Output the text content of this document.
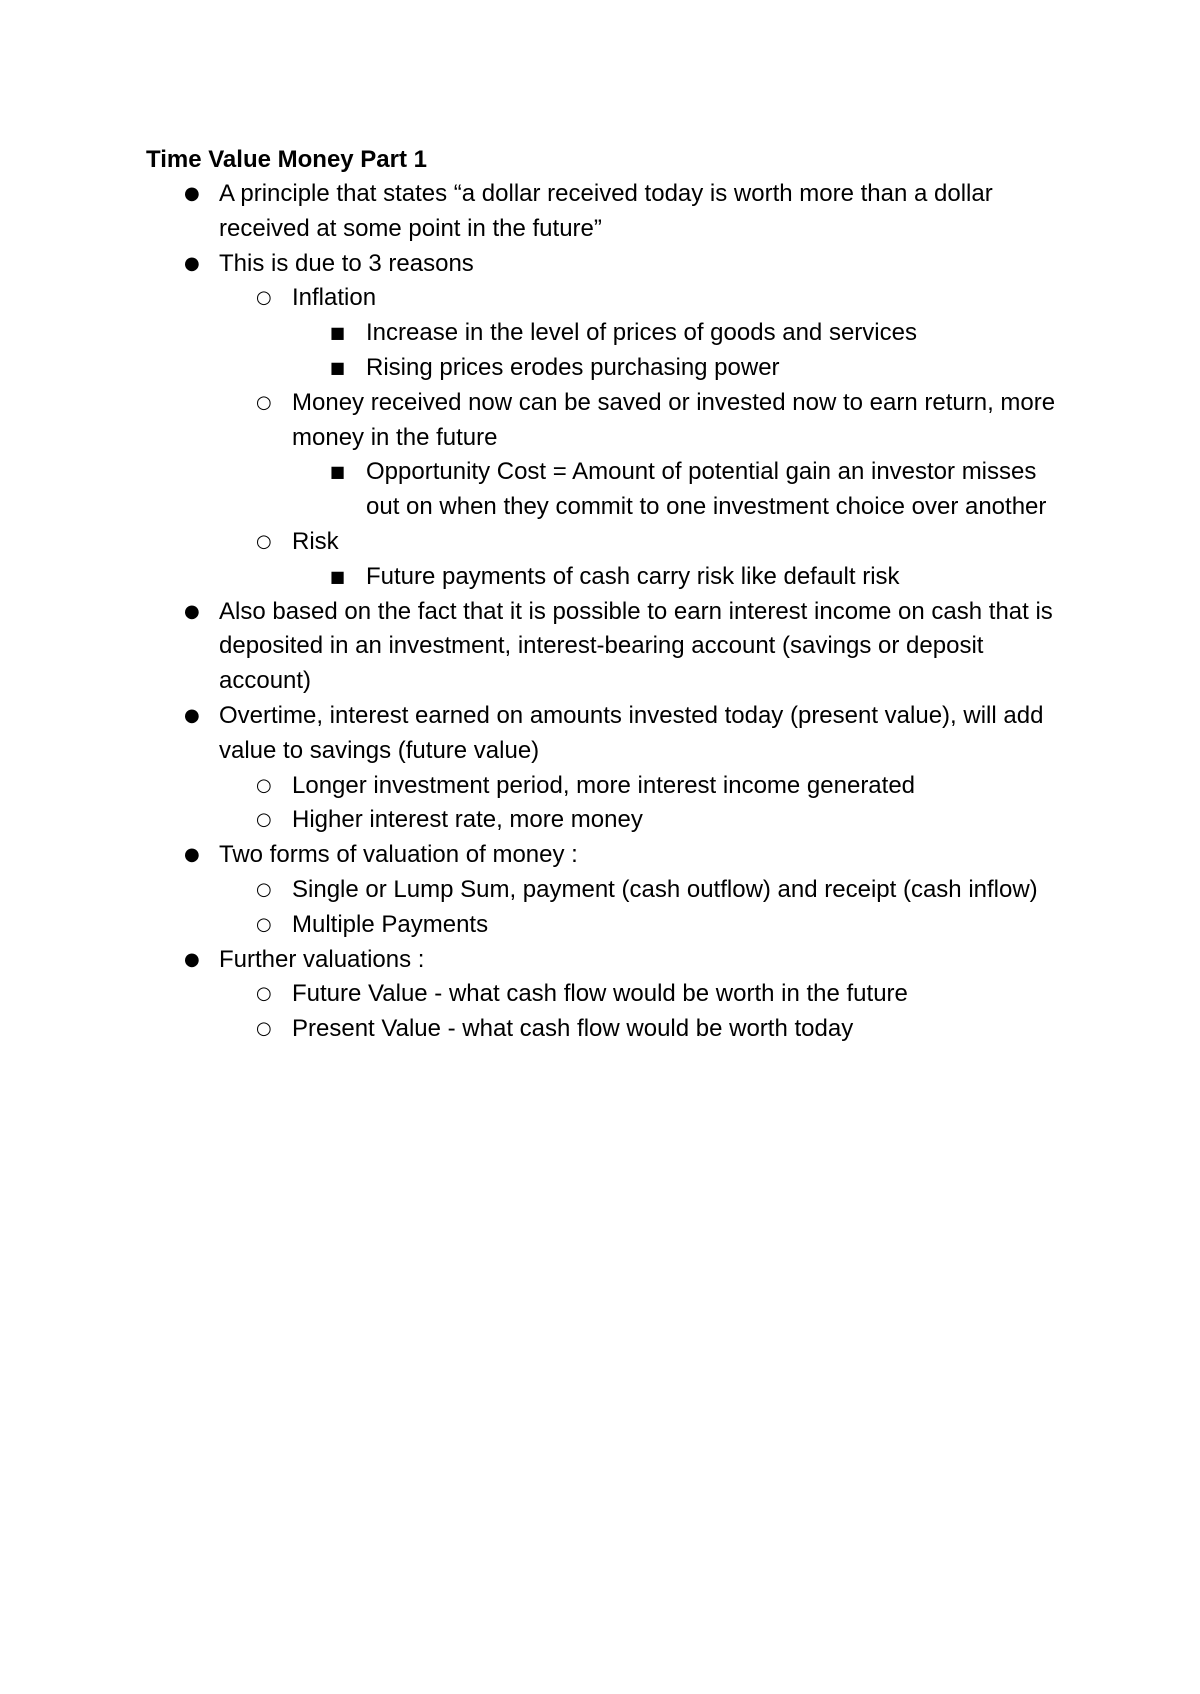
Time Value Money Part 1
●
A principle that states “a dollar received today is worth more than a dollar received at some point in the future”
●
This is due to 3 reasons
○
Inflation
■
Increase in the level of prices of goods and services
■
Rising prices erodes purchasing power
○
Money received now can be saved or invested now to earn return, more money in the future
■
Opportunity Cost = Amount of potential gain an investor misses out on when they commit to one investment choice over another
○
Risk
■
Future payments of cash carry risk like default risk
●
Also based on the fact that it is possible to earn interest income on cash that is deposited in an investment, interest-bearing account (savings or deposit account)
●
Overtime, interest earned on amounts invested today (present value), will add value to savings (future value)
○
Longer investment period, more interest income generated
○
Higher interest rate, more money
●
Two forms of valuation of money :
○
Single or Lump Sum, payment (cash outflow) and receipt (cash inflow)
○
Multiple Payments
●
Further valuations :
○
Future Value - what cash flow would be worth in the future
○
Present Value - what cash flow would be worth today
